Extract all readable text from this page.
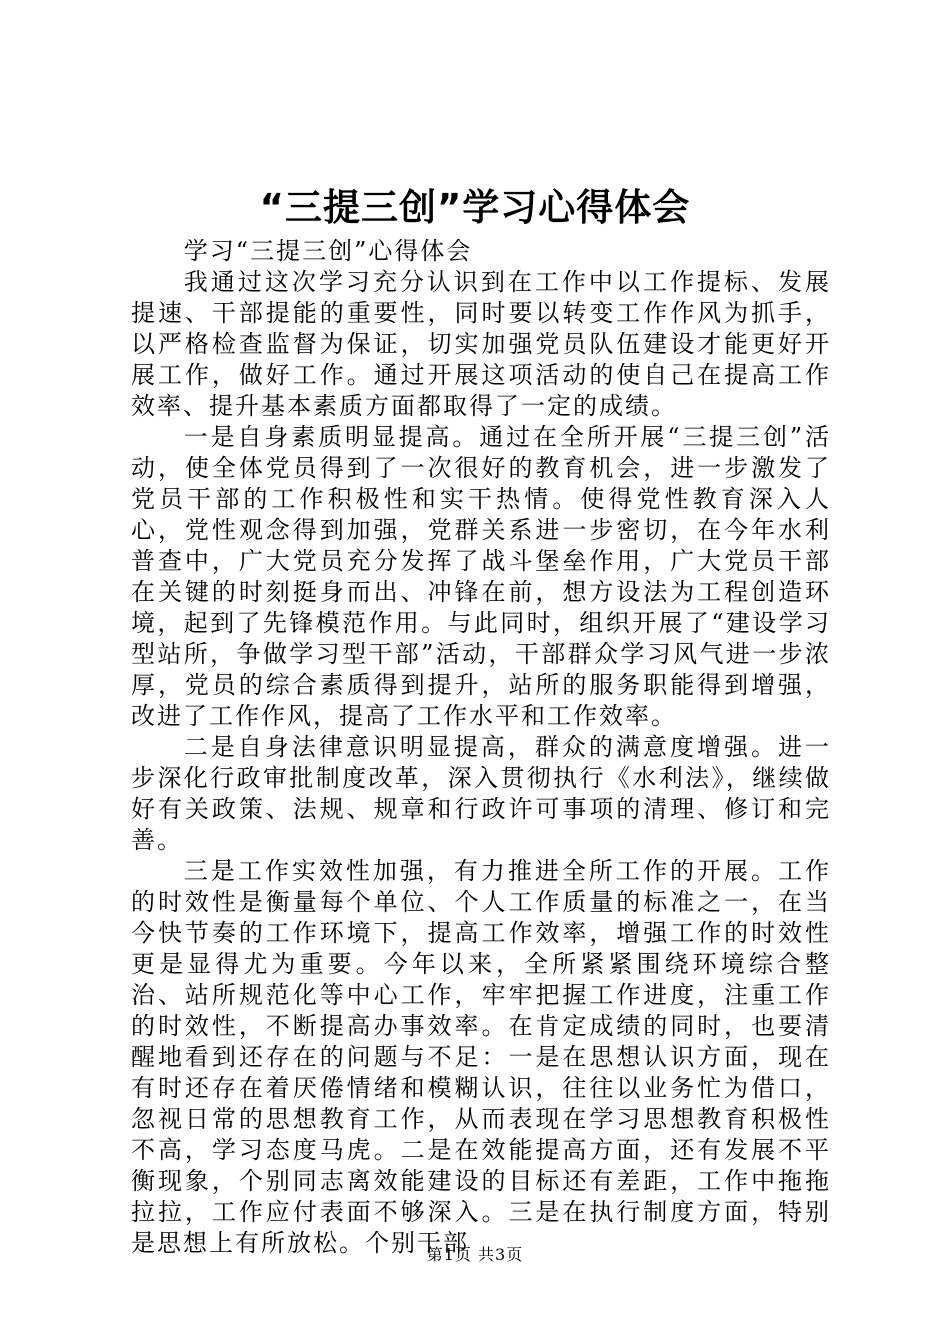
“三提三创”学习心得体会

学习“三提三创”心得体会

我通过这次学习充分认识到在工作中以工作提标、发展提速、干部提能的重要性，同时要以转变工作作风为抓手，以严格检查监督为保证，切实加强党员队伍建设才能更好开展工作，做好工作。通过开展这项活动的使自己在提高工作效率、提升基本素质方面都取得了一定的成绩。

一是自身素质明显提高。通过在全所开展“三提三创”活动，使全体党员得到了一次很好的教育机会，进一步激发了党员干部的工作积极性和实干热情。使得党性教育深入人心，党性观念得到加强，党群关系进一步密切，在今年水利普查中，广大党员充分发挥了战斗堡垒作用，广大党员干部在关键的时刻挺身而出、冲锋在前，想方设法为工程创造环境，起到了先锋模范作用。与此同时，组织开展了“建设学习型站所，争做学习型干部”活动，干部群众学习风气进一步浓厚，党员的综合素质得到提升，站所的服务职能得到增强，改进了工作作风，提高了工作水平和工作效率。

二是自身法律意识明显提高，群众的满意度增强。进一步深化行政审批制度改革，深入贯彻执行《水利法》，继续做好有关政策、法规、规章和行政许可事项的清理、修订和完善。

三是工作实效性加强，有力推进全所工作的开展。工作的时效性是衡量每个单位、个人工作质量的标准之一，在当今快节奏的工作环境下，提高工作效率，增强工作的时效性更是显得尤为重要。今年以来，全所紧紧围绕环境综合整治、站所规范化等中心工作，牢牢把握工作进度，注重工作的时效性，不断提高办事效率。在肯定成绩的同时，也要清醒地看到还存在的问题与不足：一是在思想认识方面，现在有时还存在着厌倦情绪和模糊认识，往往以业务忙为借口，忽视日常的思想教育工作，从而表现在学习思想教育积极性不高，学习态度马虎。二是在效能提高方面，还有发展不平衡现象，个别同志离效能建设的目标还有差距，工作中拖拖拉拉，工作应付表面不够深入。三是在执行制度方面，特别是思想上有所放松。个别干部

第1页 共3页
